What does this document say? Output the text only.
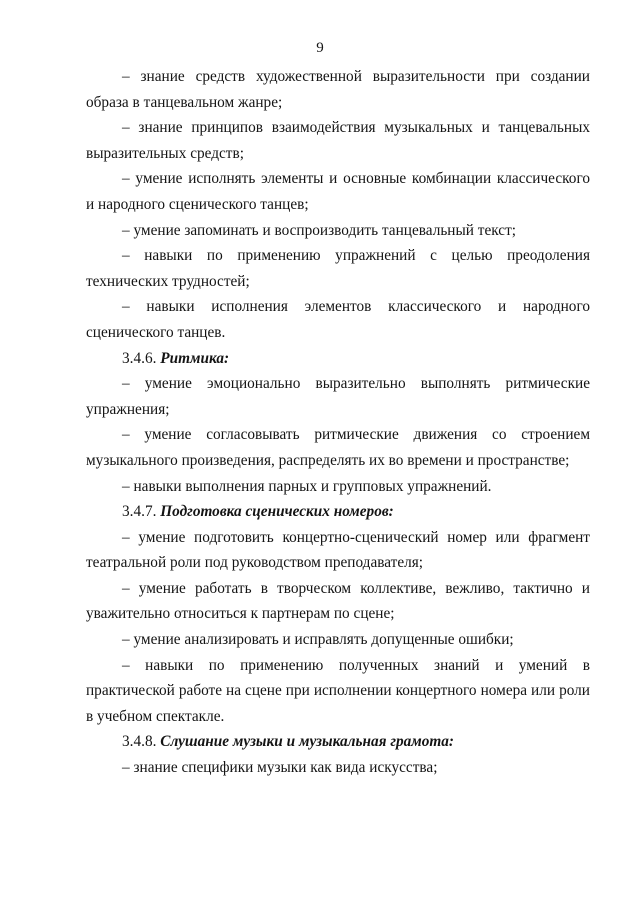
9
– знание средств художественной выразительности при создании
образа в танцевальном жанре;
– знание принципов взаимодействия музыкальных и танцевальных
выразительных средств;
– умение исполнять элементы и основные комбинации классического
и народного сценического танцев;
– умение запоминать и воспроизводить танцевальный текст;
– навыки по применению упражнений с целью преодоления
технических трудностей;
– навыки исполнения элементов классического и народного
сценического танцев.
3.4.6. Ритмика:
– умение эмоционально выразительно выполнять ритмические
упражнения;
– умение согласовывать ритмические движения со строением
музыкального произведения, распределять их во времени и пространстве;
– навыки выполнения парных и групповых упражнений.
3.4.7. Подготовка сценических номеров:
– умение подготовить концертно-сценический номер или фрагмент
театральной роли под руководством преподавателя;
– умение работать в творческом коллективе, вежливо, тактично и
уважительно относиться к партнерам по сцене;
– умение анализировать и исправлять допущенные ошибки;
– навыки по применению полученных знаний и умений в
практической работе на сцене при исполнении концертного номера или роли
в учебном спектакле.
3.4.8. Слушание музыки и музыкальная грамота:
– знание специфики музыки как вида искусства;
